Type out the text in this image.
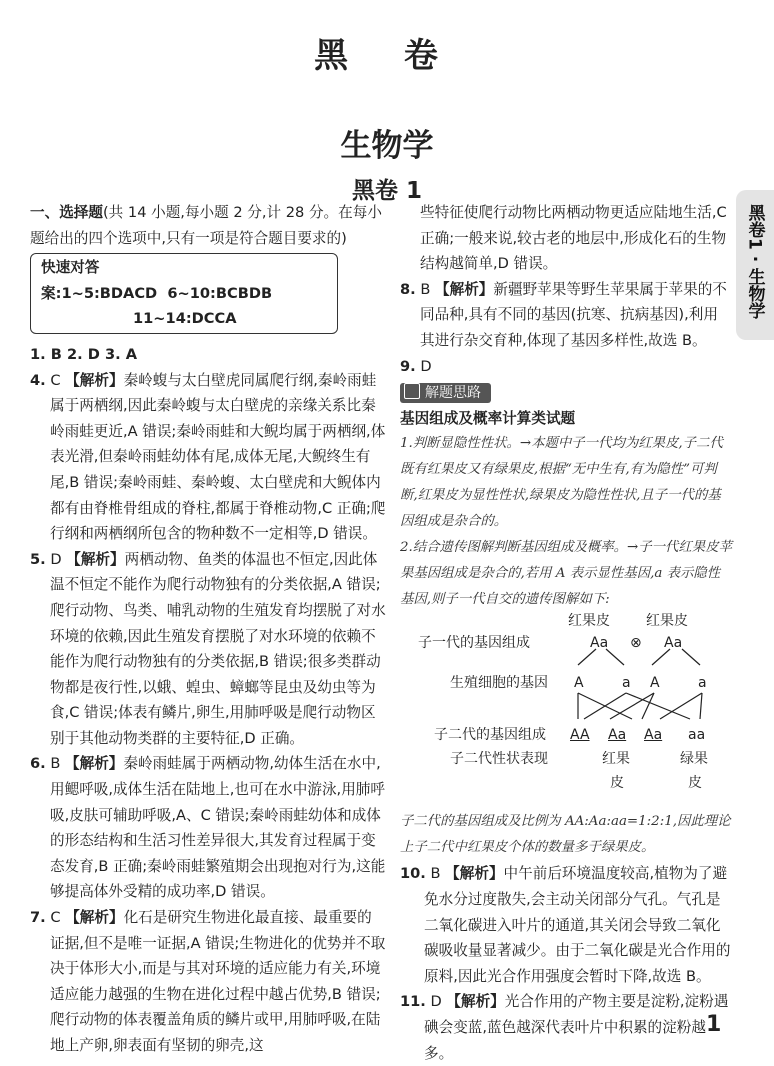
黑 卷
生物学
黑卷 1
黑卷1 · 生物学

一、选择题(共 14 小题,每小题 2 分,计 28 分。在每小题给出的四个选项中,只有一项是符合题目要求的)

快速对答案:1~5:BDACD 6~10:BCBDB
11~14:DCCA

1. B 2. D 3. A

4. C 【解析】秦岭蝮与太白壁虎同属爬行纲,秦岭雨蛙属于两栖纲,因此秦岭蝮与太白壁虎的亲缘关系比秦岭雨蛙更近,A 错误;秦岭雨蛙和大鲵均属于两栖纲,体表光滑,但秦岭雨蛙幼体有尾,成体无尾,大鲵终生有尾,B 错误;秦岭雨蛙、秦岭蝮、太白壁虎和大鲵体内都有由脊椎骨组成的脊柱,都属于脊椎动物,C 正确;爬行纲和两栖纲所包含的物种数不一定相等,D 错误。

5. D 【解析】两栖动物、鱼类的体温也不恒定,因此体温不恒定不能作为爬行动物独有的分类依据,A 错误;爬行动物、鸟类、哺乳动物的生殖发育均摆脱了对水环境的依赖,因此生殖发育摆脱了对水环境的依赖不能作为爬行动物独有的分类依据,B 错误;很多类群动物都是夜行性,以蛾、蝗虫、蟑螂等昆虫及幼虫等为食,C 错误;体表有鳞片,卵生,用肺呼吸是爬行动物区别于其他动物类群的主要特征,D 正确。

6. B 【解析】秦岭雨蛙属于两栖动物,幼体生活在水中,用鳃呼吸,成体生活在陆地上,也可在水中游泳,用肺呼吸,皮肤可辅助呼吸,A、C 错误;秦岭雨蛙幼体和成体的形态结构和生活习性差异很大,其发育过程属于变态发育,B 正确;秦岭雨蛙繁殖期会出现抱对行为,这能够提高体外受精的成功率,D 错误。

7. C 【解析】化石是研究生物进化最直接、最重要的证据,但不是唯一证据,A 错误;生物进化的优势并不取决于体形大小,而是与其对环境的适应能力有关,环境适应能力越强的生物在进化过程中越占优势,B 错误;爬行动物的体表覆盖角质的鳞片或甲,用肺呼吸,在陆地上产卵,卵表面有坚韧的卵壳,这

些特征使爬行动物比两栖动物更适应陆地生活,C 正确;一般来说,较古老的地层中,形成化石的生物结构越简单,D 错误。

8. B 【解析】新疆野苹果等野生苹果属于苹果的不同品种,具有不同的基因(抗寒、抗病基因),利用其进行杂交育种,体现了基因多样性,故选 B。

9. D

解题思路

基因组成及概率计算类试题

1.判断显隐性性状。→本题中子一代均为红果皮,子二代既有红果皮又有绿果皮,根据“无中生有,有为隐性”可判断,红果皮为显性性状,绿果皮为隐性性状,且子一代的基因组成是杂合的。

2.结合遗传图解判断基因组成及概率。→子一代红果皮苹果基因组成是杂合的,若用 A 表示显性基因,a 表示隐性基因,则子一代自交的遗传图解如下:

红果皮	红果皮
子一代的基因组成	Aa ⊗ Aa
生殖细胞的基因 A	a A	a
子二代的基因组成 AA Aa Aa aa
子二代性状表现	红果
皮
绿果
皮

子二代的基因组成及比例为 AA:Aa:aa=1:2:1,因此理论上子二代中红果皮个体的数量多于绿果皮。

10. B 【解析】中午前后环境温度较高,植物为了避免水分过度散失,会主动关闭部分气孔。气孔是二氧化碳进入叶片的通道,其关闭会导致二氧化碳吸收量显著减少。由于二氧化碳是光合作用的原料,因此光合作用强度会暂时下降,故选 B。

11. D 【解析】光合作用的产物主要是淀粉,淀粉遇碘会变蓝,蓝色越深代表叶片中积累的淀粉越多。

1
